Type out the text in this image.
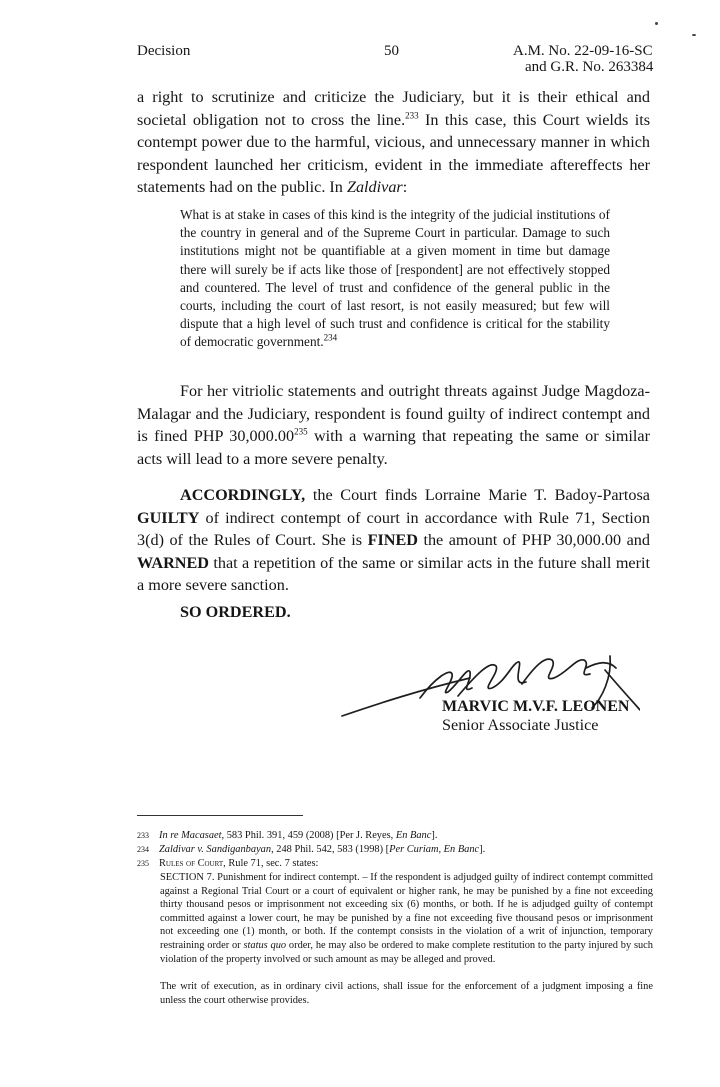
Decision	50	A.M. No. 22-09-16-SC
and G.R. No. 263384

a right to scrutinize and criticize the Judiciary, but it is their ethical and societal obligation not to cross the line.$^{233}$ In this case, this Court wields its contempt power due to the harmful, vicious, and unnecessary manner in which respondent launched her criticism, evident in the immediate aftereffects her statements had on the public. In Zaldivar:

What is at stake in cases of this kind is the integrity of the judicial institutions of the country in general and of the Supreme Court in particular. Damage to such institutions might not be quantifiable at a given moment in time but damage there will surely be if acts like those of [respondent] are not effectively stopped and countered. The level of trust and confidence of the general public in the courts, including the court of last resort, is not easily measured; but few will dispute that a high level of such trust and confidence is critical for the stability of democratic government.$^{234}$

For her vitriolic statements and outright threats against Judge Magdoza-Malagar and the Judiciary, respondent is found guilty of indirect contempt and is fined PHP 30,000.00$^{235}$ with a warning that repeating the same or similar acts will lead to a more severe penalty.

ACCORDINGLY, the Court finds Lorraine Marie T. Badoy-Partosa GUILTY of indirect contempt of court in accordance with Rule 71, Section 3(d) of the Rules of Court. She is FINED the amount of PHP 30,000.00 and WARNED that a repetition of the same or similar acts in the future shall merit a more severe sanction.

SO ORDERED.
MARVIC M.V.F. LEONEN
Senior Associate Justice
233 In re Macasaet, 583 Phil. 391, 459 (2008) [Per J. Reyes, En Banc].
234 Zaldivar v. Sandiganbayan, 248 Phil. 542, 583 (1998) [Per Curiam, En Banc].
235 Rules of Court, Rule 71, sec. 7 states:
SECTION 7. Punishment for indirect contempt. – If the respondent is adjudged guilty of indirect contempt committed against a Regional Trial Court or a court of equivalent or higher rank, he may be punished by a fine not exceeding thirty thousand pesos or imprisonment not exceeding six (6) months, or both. If he is adjudged guilty of contempt committed against a lower court, he may be punished by a fine not exceeding five thousand pesos or imprisonment not exceeding one (1) month, or both. If the contempt consists in the violation of a writ of injunction, temporary restraining order or status quo order, he may also be ordered to make complete restitution to the party injured by such violation of the property involved or such amount as may be alleged and proved.
The writ of execution, as in ordinary civil actions, shall issue for the enforcement of a judgment imposing a fine unless the court otherwise provides.
